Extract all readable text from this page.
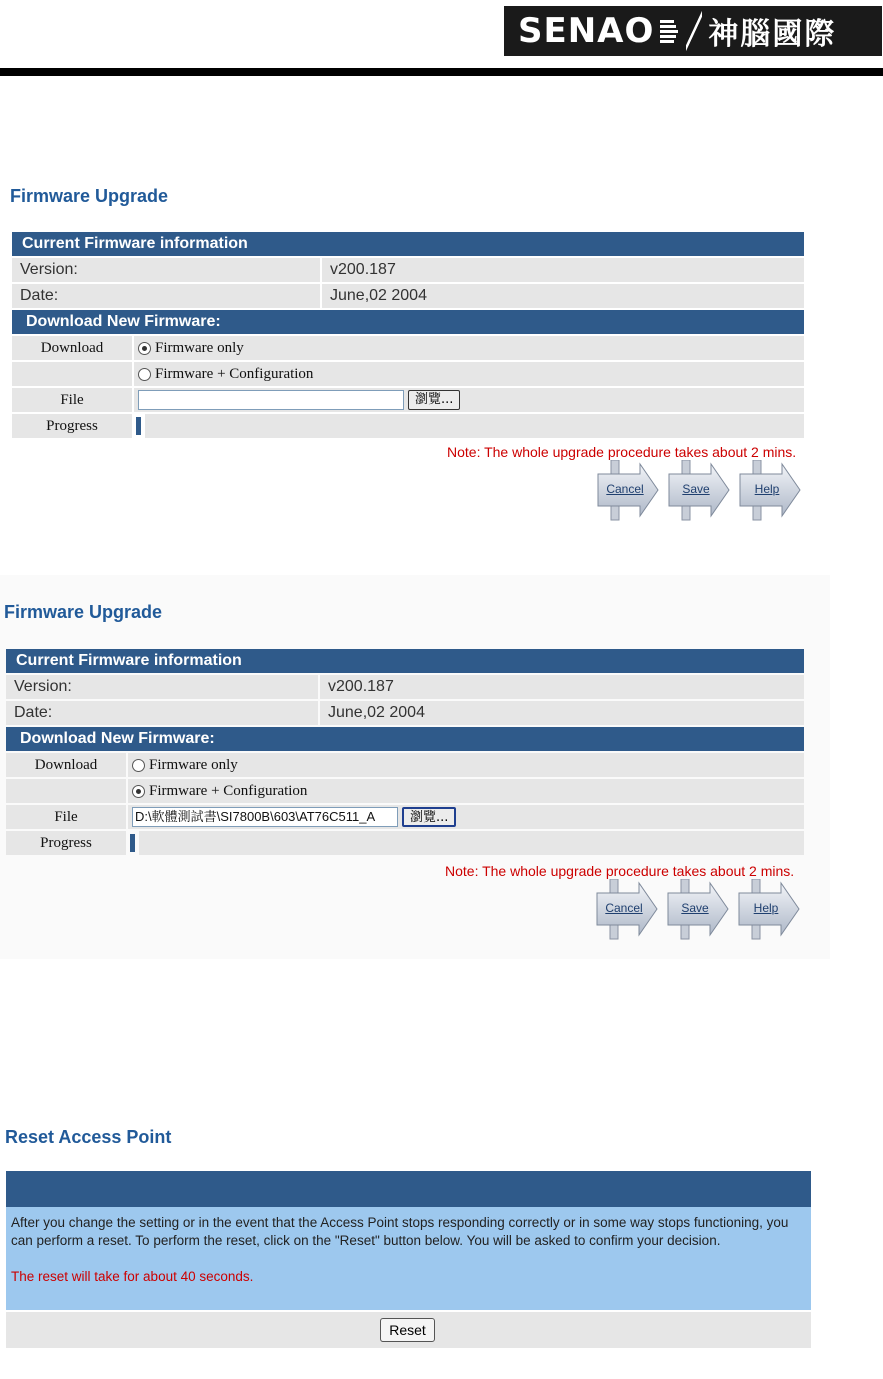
SENAO 神腦國際
Firmware Upgrade
Current Firmware information
Version:	v200.187
Date:	June,02 2004
Download New Firmware:
Download	Firmware only
Firmware + Configuration
File	瀏覽...
Progress
Note: The whole upgrade procedure takes about 2 mins.
Cancel	Save	Help
Firmware Upgrade
Current Firmware information
Version:	v200.187
Date:	June,02 2004
Download New Firmware:
Download	Firmware only
Firmware + Configuration
File	D:\軟體測試書\SI7800B\603\AT76C511_A	瀏覽...
Progress
Note: The whole upgrade procedure takes about 2 mins.
Cancel	Save	Help
Reset Access Point
After you change the setting or in the event that the Access Point stops responding correctly or in some way stops functioning, you can perform a reset. To perform the reset, click on the "Reset" button below. You will be asked to confirm your decision.
The reset will take for about 40 seconds.
Reset
